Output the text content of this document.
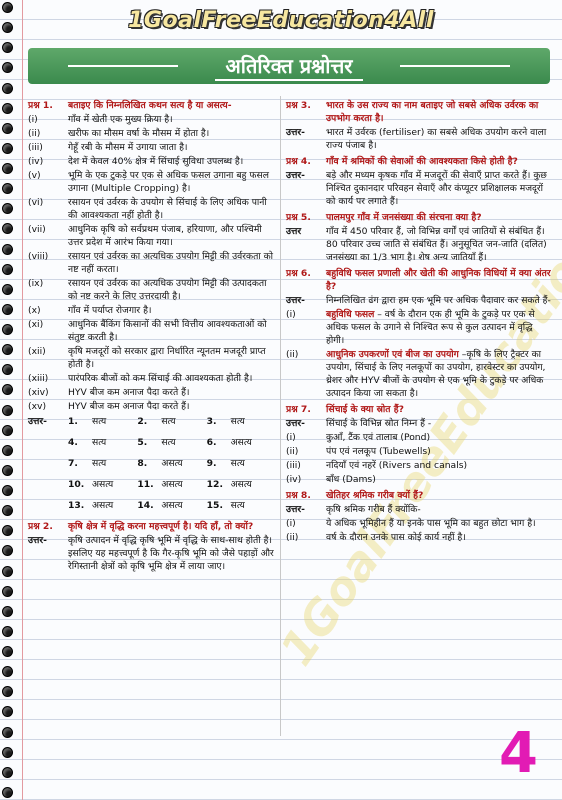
1GoalFreeEducation4All
अतिरिक्त प्रश्नोत्तर
प्रश्न 1.	बताइए कि निम्नलिखित कथन सत्य है या असत्य-
(i)	गाँव में खेती एक मुख्य क्रिया है।
(ii)	खरीफ का मौसम वर्षा के मौसम में होता है।
(iii)	गेहूँ रबी के मौसम में उगाया जाता है।
(iv)	देश में केवल 40% क्षेत्र में सिंचाई सुविधा उपलब्ध है।
(v)	भूमि के एक टुकड़े पर एक से अधिक फसल उगाना बहु फसल उगाना (Multiple Cropping) है।
(vi)	रसायन एवं उर्वरक के उपयोग से सिंचाई के लिए अधिक पानी की आवश्यकता नहीं होती है।
(vii)	आधुनिक कृषि को सर्वप्रथम पंजाब, हरियाणा, और पश्चिमी उत्तर प्रदेश में आरंभ किया गया।
(viii)	रसायन एवं उर्वरक का अत्यधिक उपयोग मिट्टी की उर्वरकता को नष्ट नहीं करता।
(ix)	रसायन एवं उर्वरक का अत्यधिक उपयोग मिट्टी की उत्पादकता को नष्ट करने के लिए उत्तरदायी है।
(x)	गाँव में पर्याप्त रोजगार है।
(xi)	आधुनिक बैंकिंग किसानों की सभी वित्तीय आवश्यकताओं को संतुष्ट करती है।
(xii)	कृषि मजदूरों को सरकार द्वारा निर्धारित न्यूनतम मजदूरी प्राप्त होती है।
(xiii)	पारंपरिक बीजों को कम सिंचाई की आवश्यकता होती है।
(xiv)	HYV बीज कम अनाज पैदा करते हैं।
(xv)	HYV बीज कम अनाज पैदा करते हैं।
उत्तर-	1.	सत्य	2.	सत्य	3.	सत्य
4.	सत्य	5.	सत्य	6.	असत्य
7.	सत्य	8.	असत्य	9.	सत्य
10. असत्य	11. असत्य	12. असत्य
13. असत्य	14. असत्य	15. सत्य
प्रश्न 2.	कृषि क्षेत्र में वृद्धि करना महत्त्वपूर्ण है। यदि हाँ, तो क्यों?
उत्तर-	कृषि उत्पादन में वृद्धि कृषि भूमि में वृद्धि के साथ-साथ होती है। इसलिए यह महत्त्वपूर्ण है कि गैर-कृषि भूमि को जैसे पहाड़ों और रेगिस्तानी क्षेत्रों को कृषि भूमि क्षेत्र में लाया जाए।
प्रश्न 3.	भारत के उस राज्य का नाम बताइए जो सबसे अधिक उर्वरक का उपभोग करता है।
उत्तर-	भारत में उर्वरक (fertiliser) का सबसे अधिक उपयोग करने वाला राज्य पंजाब है।
प्रश्न 4.	गाँव में श्रमिकों की सेवाओं की आवश्यकता किसे होती है?
उत्तर-	बड़े और मध्यम कृषक गाँव में मजदूरों की सेवाएँ प्राप्त करते हैं। कुछ निश्चित दुकानदार परिवहन सेवाएँ और कंप्यूटर प्रशिक्षालक मजदूरों को कार्य पर लगाते हैं।
प्रश्न 5.	पालमपुर गाँव में जनसंख्या की संरचना क्या है?
उत्तर	गाँव में 450 परिवार हैं, जो विभिन्न वर्गों एवं जातियों से संबंधित हैं। 80 परिवार उच्च जाति से संबंधित हैं। अनुसूचित जन-जाति (दलित) जनसंख्या का 1/3 भाग है। शेष अन्य जातियाँ हैं।
प्रश्न 6.	बहुविधि फसल प्रणाली और खेती की आधुनिक विधियों में क्या अंतर है?
उत्तर-	निम्नलिखित ढंग द्वारा हम एक भूमि पर अधिक पैदावार कर सकते हैं-
(i)	बहुविधि फसल – वर्ष के दौरान एक ही भूमि के टुकड़े पर एक से अधिक फसल के उगाने से निश्चित रूप से कुल उत्पादन में वृद्धि होगी।
(ii)	आधुनिक उपकरणों एवं बीज का उपयोग –कृषि के लिए ट्रैक्टर का उपयोग, सिंचाई के लिए नलकूपों का उपयोग, हारवेस्टर का उपयोग, थ्रेशर और HYV बीजों के उपयोग से एक भूमि के टुकड़े पर अधिक उत्पादन किया जा सकता है।
प्रश्न 7.	सिंचाई के क्या स्रोत हैं?
उत्तर-	सिंचाई के विभिन्न स्रोत निम्न हैं -
(i)	कुआँ, टैंक एवं तालाब (Pond)
(ii)	पंप एवं नलकूप (Tubewells)
(iii)	नदियाँ एवं नहरें (Rivers and canals)
(iv)	बाँध (Dams)
प्रश्न 8.	खेतिहर श्रमिक गरीब क्यों हैं?
उत्तर-	कृषि श्रमिक गरीब हैं क्योंकि-
(i)	ये अधिक भूमिहीन हैं या इनके पास भूमि का बहुत छोटा भाग है।
(ii)	वर्ष के दौरान उनके पास कोई कार्य नहीं है।
4
